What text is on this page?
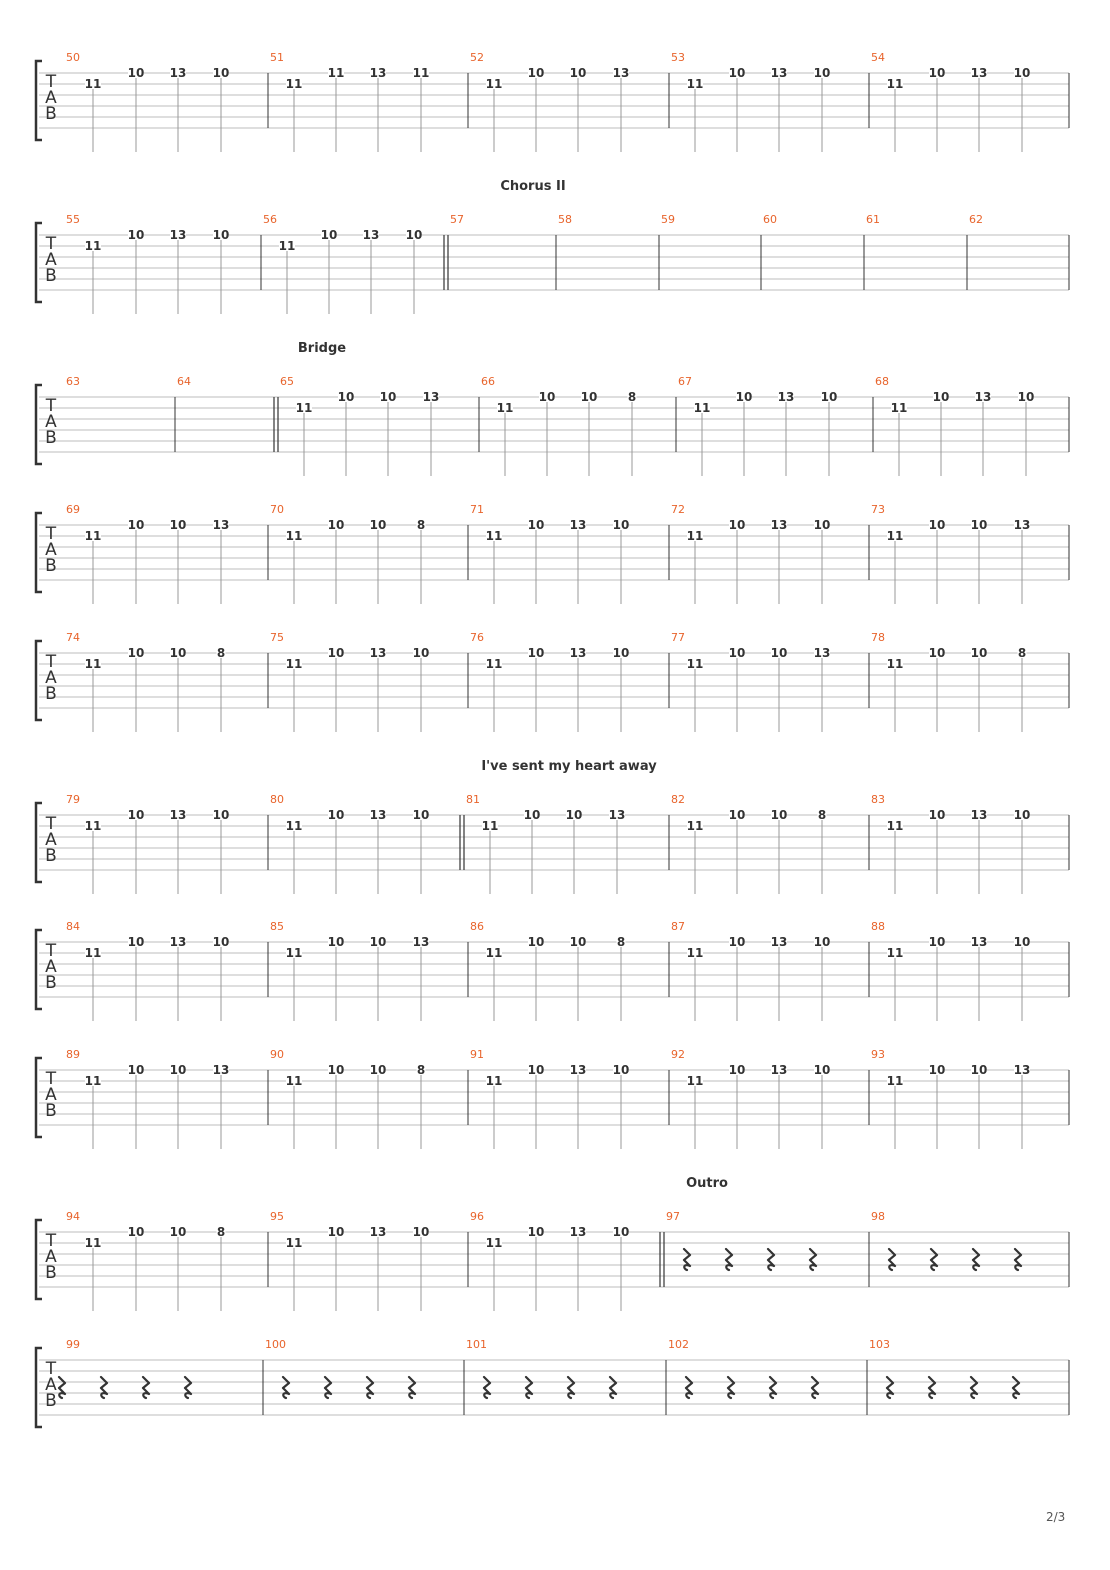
T
A
B
50
11
10 13 10
51
11
11 13 11
52
11
10 10 13
53
11
10 13 10
54
11
10 13 10
Chorus II
T
A
B
55
11
10 13 10
56
11
10 13 10
57	58	59	60	61	62
Bridge
T
A
B
63	64	65
11
10 10 13
66
11
10 10	8
67
11
10 13 10
68
11
10 13 10
T
A
B
69
11
10 10 13
70
11
10 10	8
71
11
10 13 10
72
11
10 13 10
73
11
10 10 13
T
A
B
74
11
10 10	8
75
11
10 13 10
76
11
10 13 10
77
11
10 10 13
78
11
10 10	8
I've sent my heart away
T
A
B
79
11
10 13 10
80
11
10 13 10
81
11
10 10 13
82
11
10 10	8
83
11
10 13 10
T
A
B
84
11
10 13 10
85
11
10 10 13
86
11
10 10	8
87
11
10 13 10
88
11
10 13 10
T
A
B
89
11
10 10 13
90
11
10 10	8
91
11
10 13 10
92
11
10 13 10
93
11
10 10 13
Outro
T
A
B
94
11
10 10	8
95
11
10 13 10
96
11
10 13 10
97	98
T
A
B
99	100	101	102	103
2/3
